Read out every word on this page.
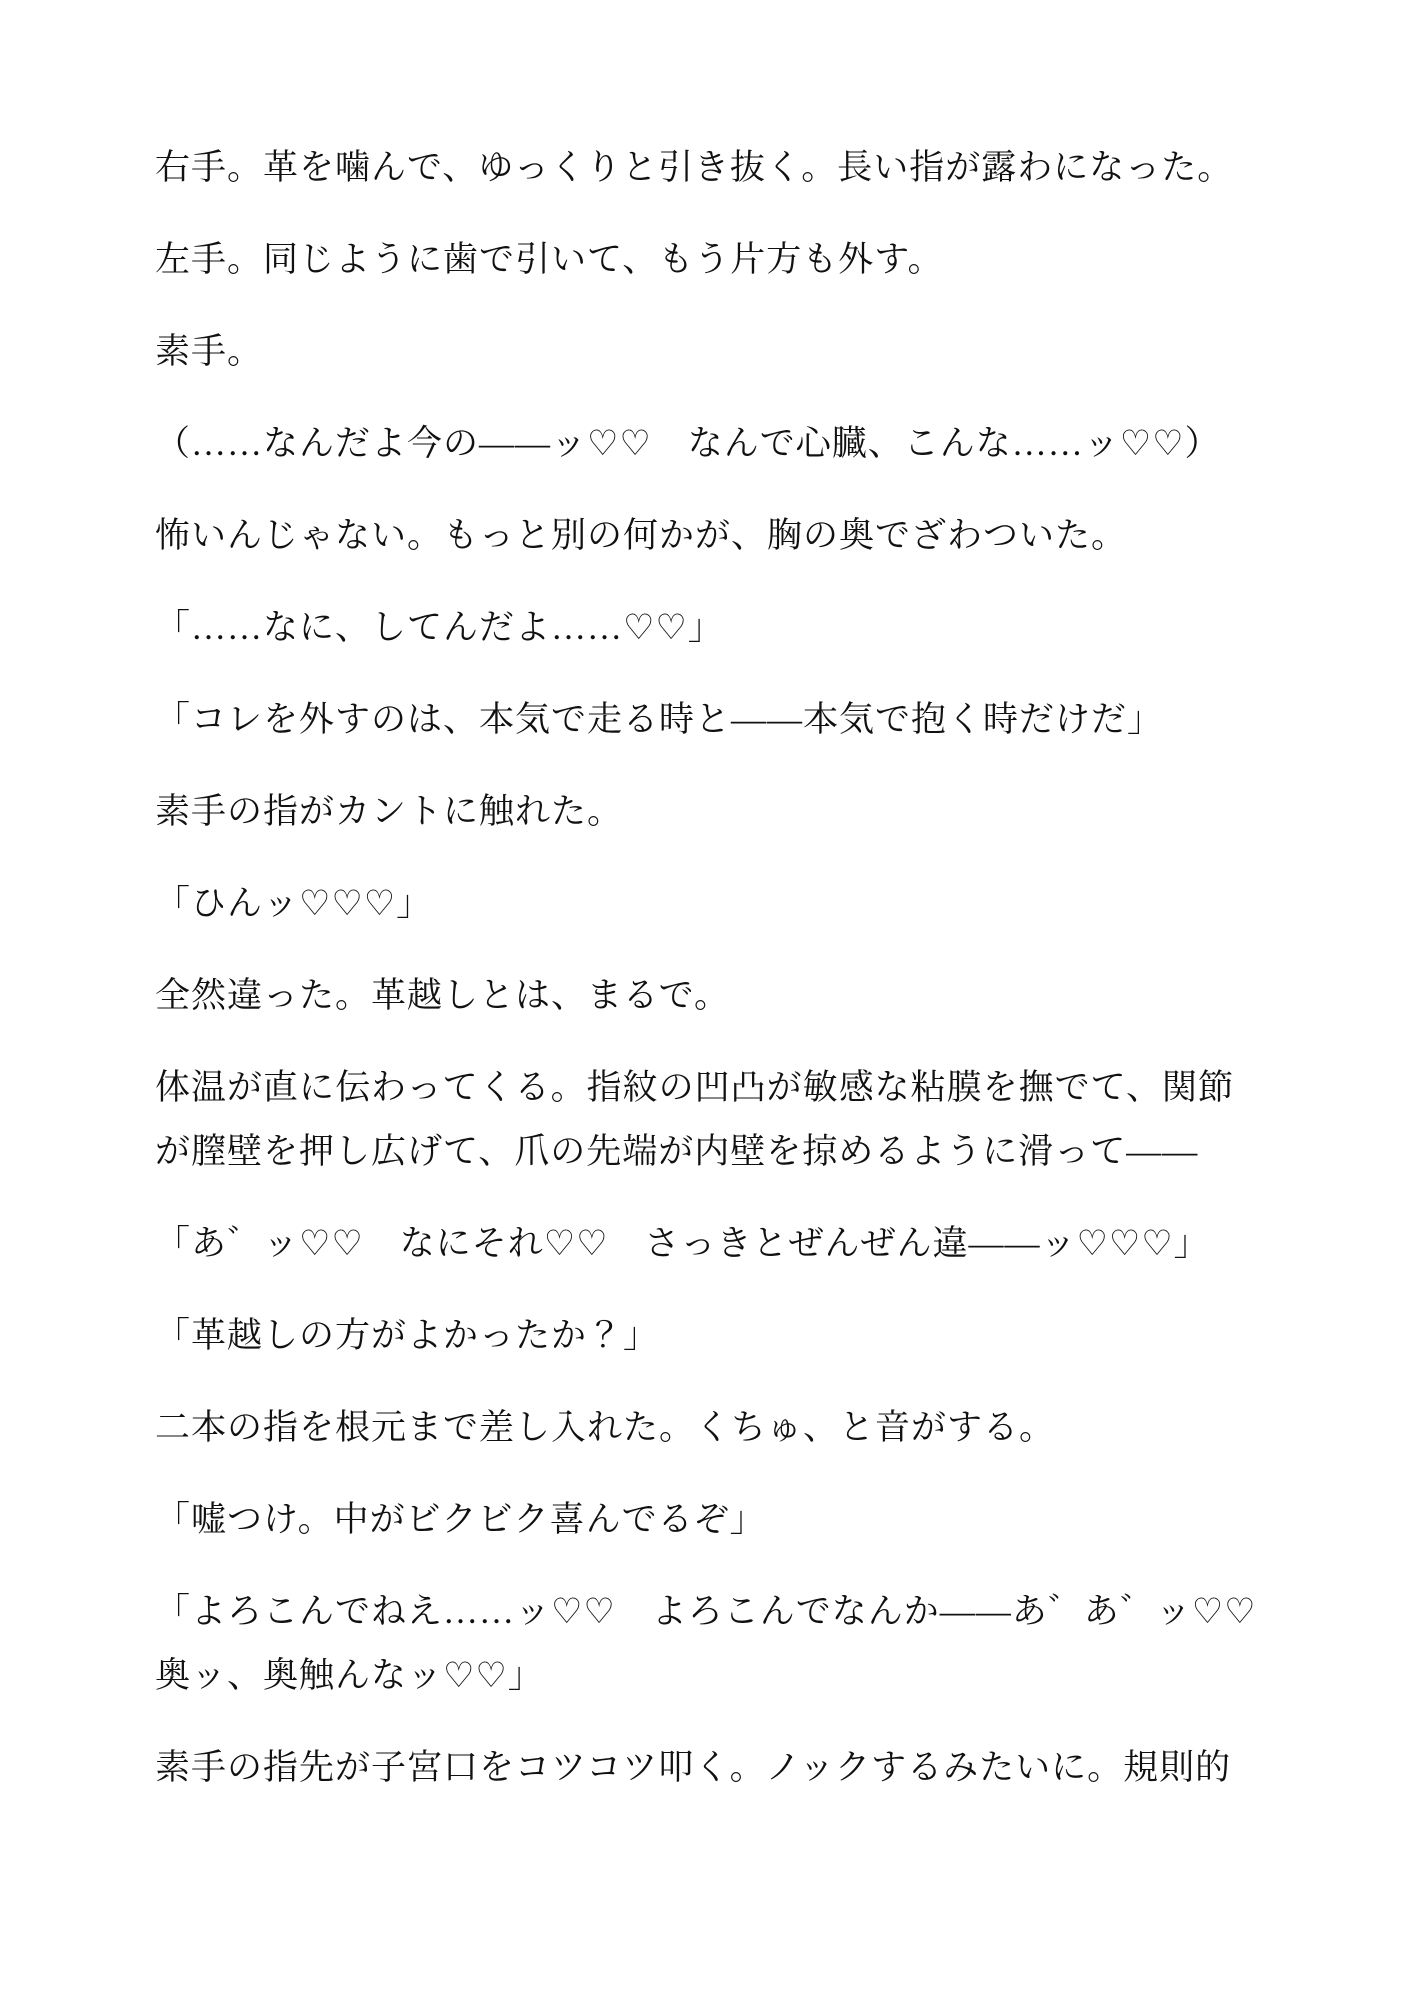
右手。革を噛んで、ゆっくりと引き抜く。長い指が露わになった。

左手。同じように歯で引いて、もう片方も外す。

素手。

（……なんだよ今の——ッ♡♡　なんで心臓、こんな……ッ♡♡）

怖いんじゃない。もっと別の何かが、胸の奥でざわついた。

「……なに、してんだよ……♡♡」

「コレを外すのは、本気で走る時と——本気で抱く時だけだ」

素手の指がカントに触れた。

「ひんッ♡♡♡」

全然違った。革越しとは、まるで。

体温が直に伝わってくる。指紋の凹凸が敏感な粘膜を撫でて、関節が膣壁を押し広げて、爪の先端が内壁を掠めるように滑って——

「あ゛ッ♡♡　なにそれ♡♡　さっきとぜんぜん違——ッ♡♡♡」

「革越しの方がよかったか？」

二本の指を根元まで差し入れた。くちゅ、と音がする。

「嘘つけ。中がビクビク喜んでるぞ」

「よろこんでねえ……ッ♡♡　よろこんでなんか——あ゛あ゛ッ♡♡　奥ッ、奥触んなッ♡♡」

素手の指先が子宮口をコツコツ叩く。ノックするみたいに。規則的
